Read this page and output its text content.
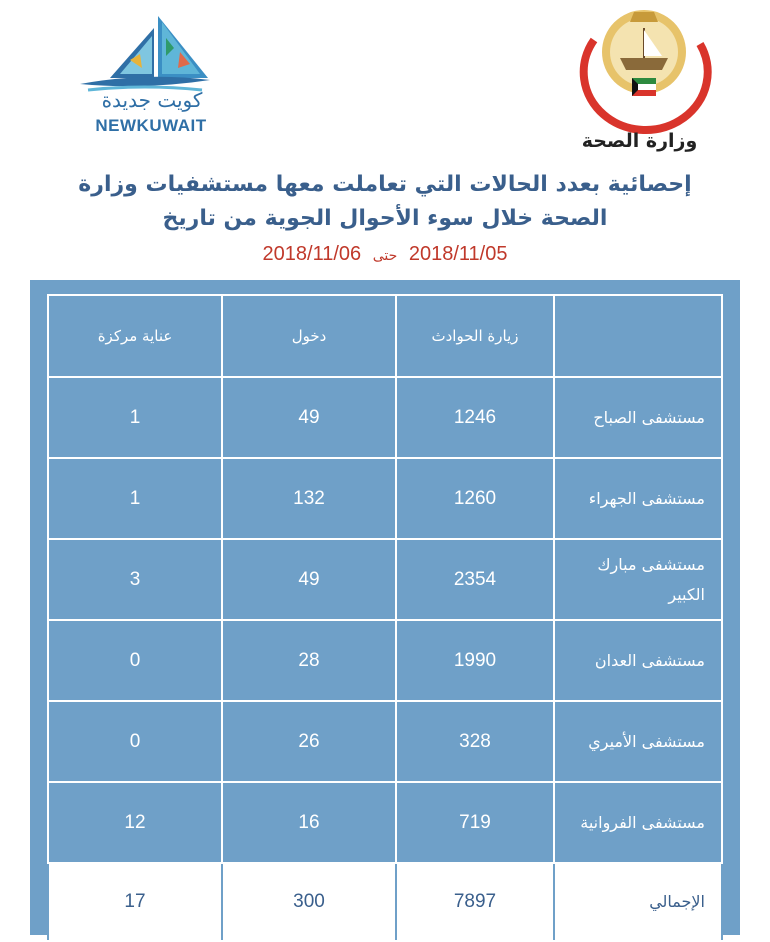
كويت جديدة
NEWKUWAIT
وزارة الصحة
إحصائية بعدد الحالات التي تعاملت معها مستشفيات وزارة
الصحة خلال سوء الأحوال الجوية من تاريخ
2018/11/05 حتى 2018/11/06
	زيارة الحوادث	دخول	عناية مركزة
مستشفى الصباح	1246	49	1
مستشفى الجهراء	1260	132	1
مستشفى مبارك الكبير	2354	49	3
مستشفى العدان	1990	28	0
مستشفى الأميري	328	26	0
مستشفى الفروانية	719	16	12
الإجمالي	7897	300	17
